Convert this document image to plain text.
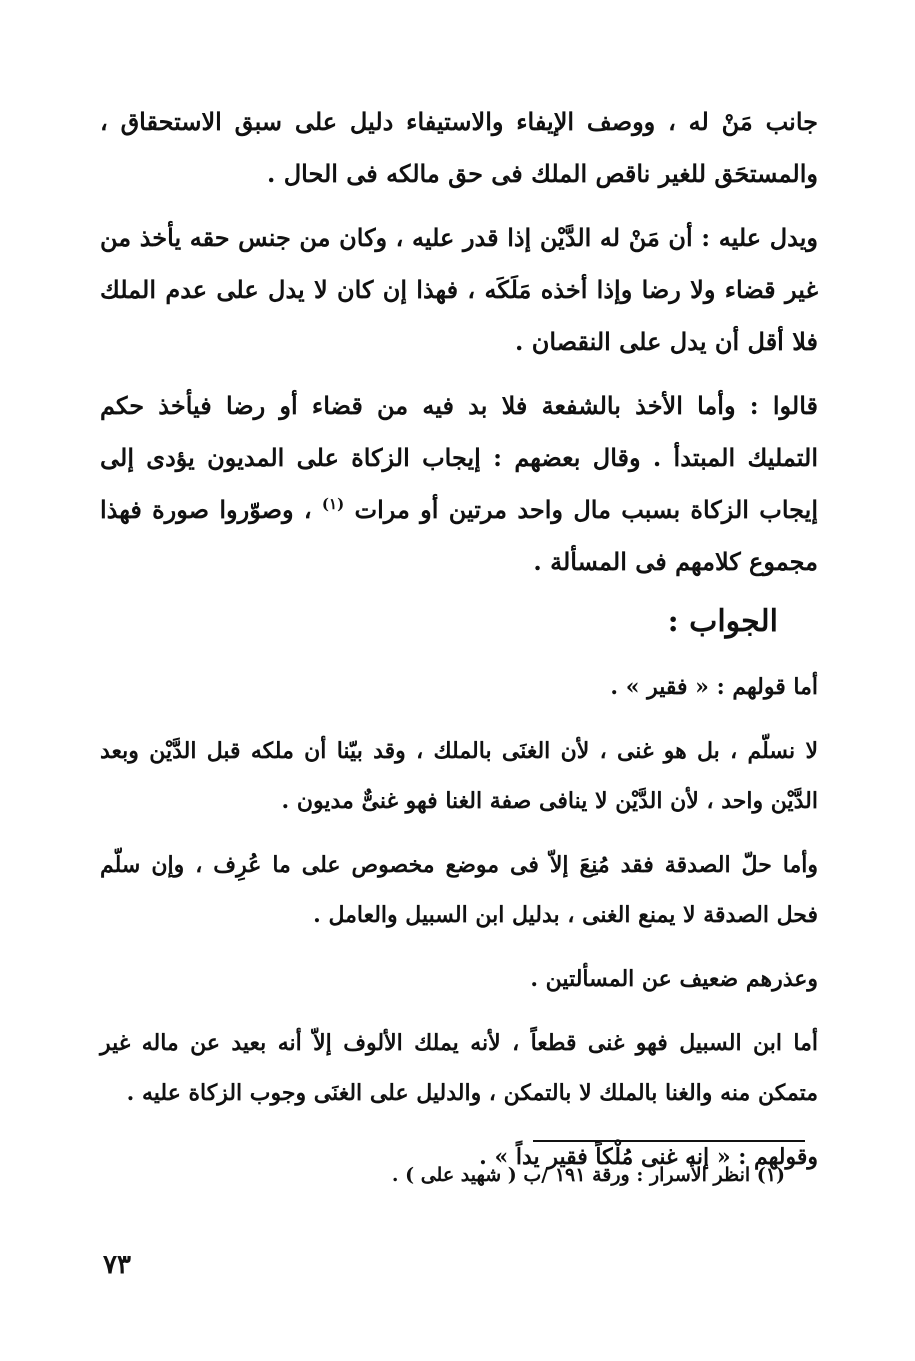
جانب مَنْ له ، ووصف الإيفاء والاستيفاء دليل على سبق الاستحقاق ، والمستحَق للغير ناقص الملك فى حق مالكه فى الحال .

ويدل عليه : أن مَنْ له الدَّيْن إذا قدر عليه ، وكان من جنس حقه يأخذ من غير قضاء ولا رضا وإذا أخذه مَلَكَه ، فهذا إن كان لا يدل على عدم الملك فلا أقل أن يدل على النقصان .

قالوا : وأما الأخذ بالشفعة فلا بد فيه من قضاء أو رضا فيأخذ حكم التمليك المبتدأ . وقال بعضهم : إيجاب الزكاة على المديون يؤدى إلى إيجاب الزكاة بسبب مال واحد مرتين أو مرات $^{(١)}$ ، وصوّروا صورة فهذا مجموع كلامهم فى المسألة .

الجواب :

أما قولهم : « فقير » .

لا نسلّم ، بل هو غنى ، لأن الغنَى بالملك ، وقد بيّنا أن ملكه قبل الدَّيْن وبعد الدَّيْن واحد ، لأن الدَّيْن لا ينافى صفة الغنا فهو غنىٌّ مديون .

وأما حلّ الصدقة فقد مُنِعَ إلاّ فى موضع مخصوص على ما عُرِف ، وإن سلّم فحل الصدقة لا يمنع الغنى ، بدليل ابن السبيل والعامل .

وعذرهم ضعيف عن المسألتين .

أما ابن السبيل فهو غنى قطعاً ، لأنه يملك الألوف إلاّ أنه بعيد عن ماله غير متمكن منه والغنا بالملك لا بالتمكن ، والدليل على الغنَى وجوب الزكاة عليه .

وقولهم : « إنه غنى مُلْكاً فقير يداً » .

(١) انظر الأسرار : ورقة ١٩١ /ب ( شهيد على ) .
٧٣
